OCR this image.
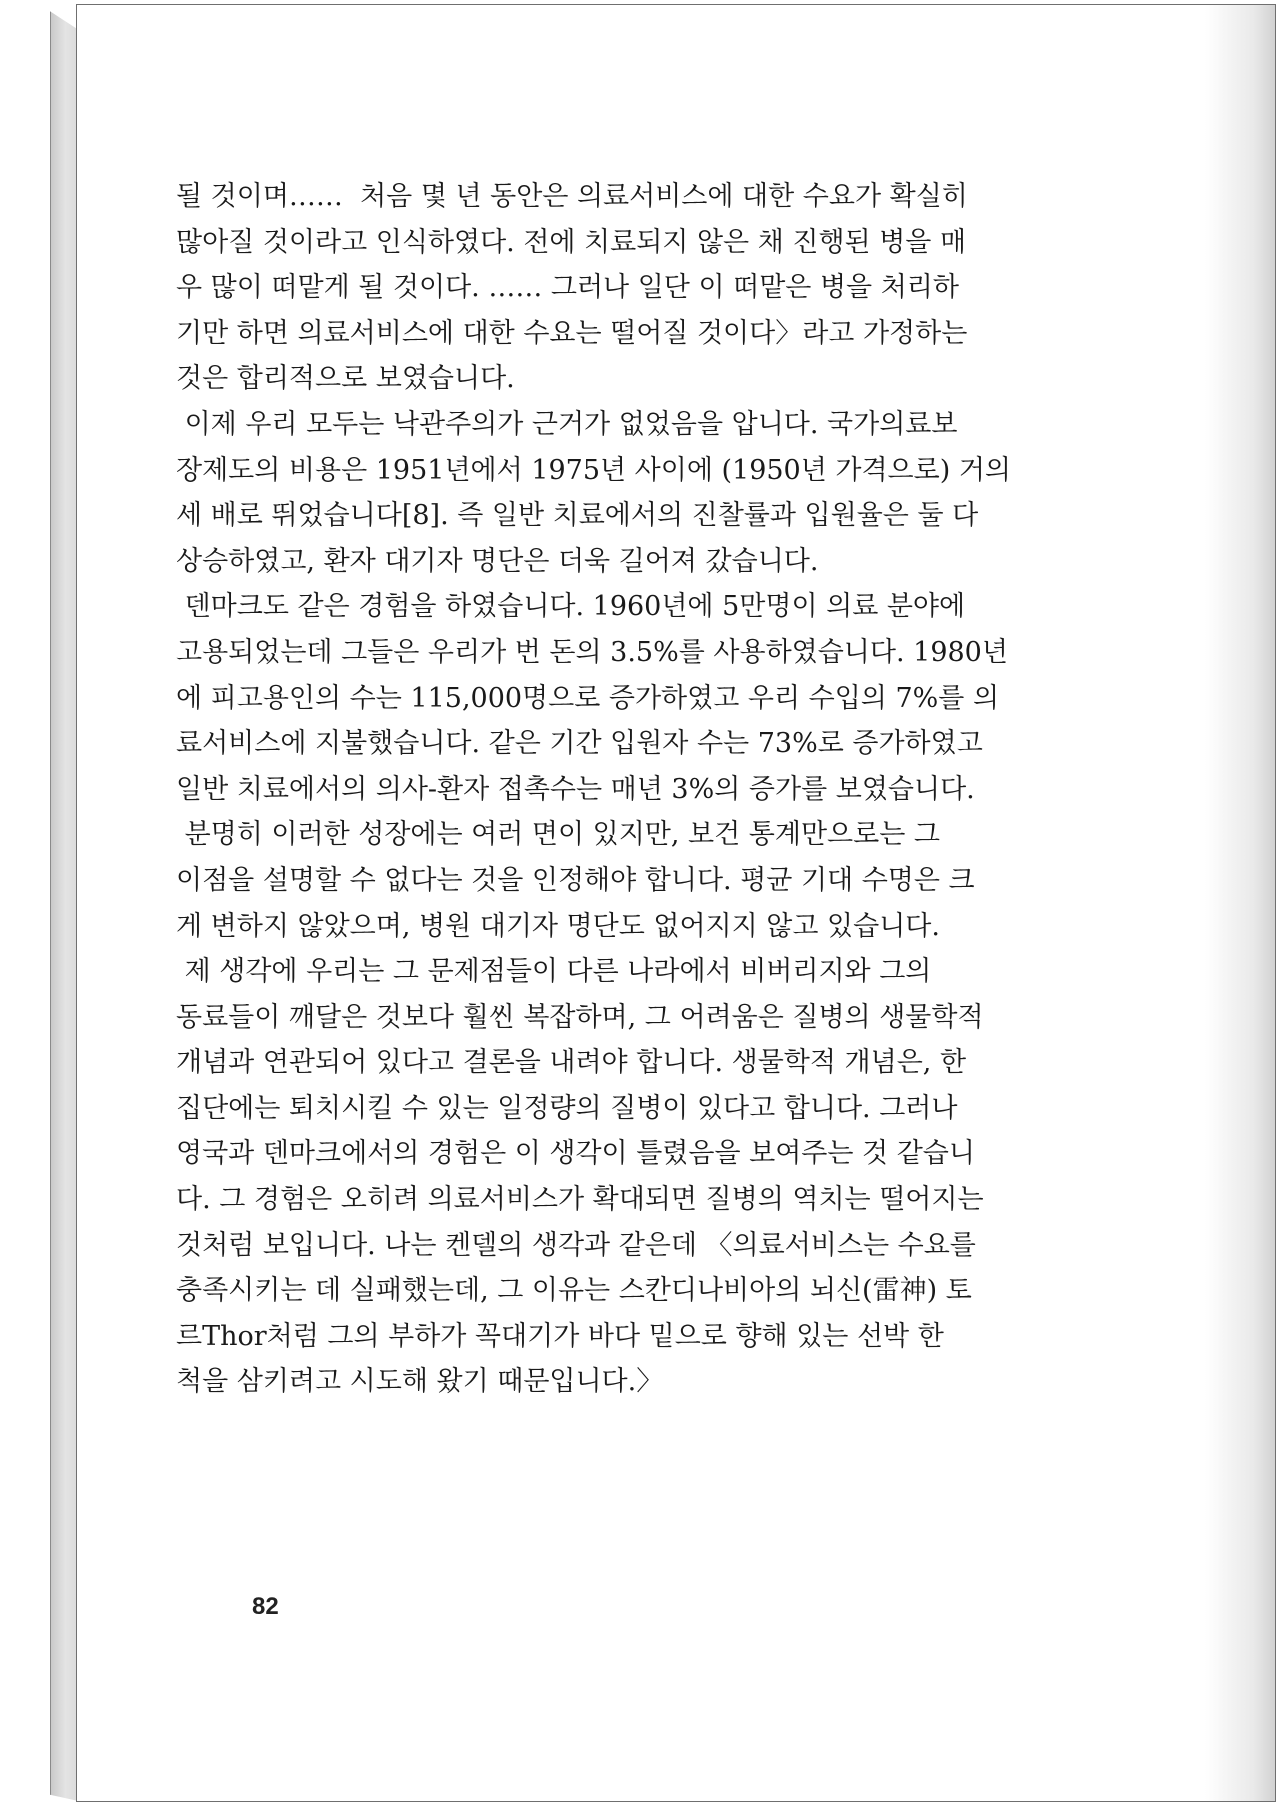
될 것이며……  처음 몇 년 동안은 의료서비스에 대한 수요가 확실히
많아질 것이라고 인식하였다. 전에 치료되지 않은 채 진행된 병을 매
우 많이 떠맡게 될 것이다. …… 그러나 일단 이 떠맡은 병을 처리하
기만 하면 의료서비스에 대한 수요는 떨어질 것이다〉라고 가정하는
것은 합리적으로 보였습니다.
이제 우리 모두는 낙관주의가 근거가 없었음을 압니다. 국가의료보
장제도의 비용은 1951년에서 1975년 사이에 (1950년 가격으로) 거의
세 배로 뛰었습니다[8]. 즉 일반 치료에서의 진찰률과 입원율은 둘 다
상승하였고, 환자 대기자 명단은 더욱 길어져 갔습니다.
덴마크도 같은 경험을 하였습니다. 1960년에 5만명이 의료 분야에
고용되었는데 그들은 우리가 번 돈의 3.5%를 사용하였습니다. 1980년
에 피고용인의 수는 115,000명으로 증가하였고 우리 수입의 7%를 의
료서비스에 지불했습니다. 같은 기간 입원자 수는 73%로 증가하였고
일반 치료에서의 의사-환자 접촉수는 매년 3%의 증가를 보였습니다.
분명히 이러한 성장에는 여러 면이 있지만, 보건 통계만으로는 그
이점을 설명할 수 없다는 것을 인정해야 합니다. 평균 기대 수명은 크
게 변하지 않았으며, 병원 대기자 명단도 없어지지 않고 있습니다.
제 생각에 우리는 그 문제점들이 다른 나라에서 비버리지와 그의
동료들이 깨달은 것보다 훨씬 복잡하며, 그 어려움은 질병의 생물학적
개념과 연관되어 있다고 결론을 내려야 합니다. 생물학적 개념은, 한
집단에는 퇴치시킬 수 있는 일정량의 질병이 있다고 합니다. 그러나
영국과 덴마크에서의 경험은 이 생각이 틀렸음을 보여주는 것 같습니
다. 그 경험은 오히려 의료서비스가 확대되면 질병의 역치는 떨어지는
것처럼 보입니다. 나는 켄델의 생각과 같은데 〈의료서비스는 수요를
충족시키는 데 실패했는데, 그 이유는 스칸디나비아의 뇌신(雷神) 토
르Thor처럼 그의 부하가 꼭대기가 바다 밑으로 향해 있는 선박 한
척을 삼키려고 시도해 왔기 때문입니다.〉
82
